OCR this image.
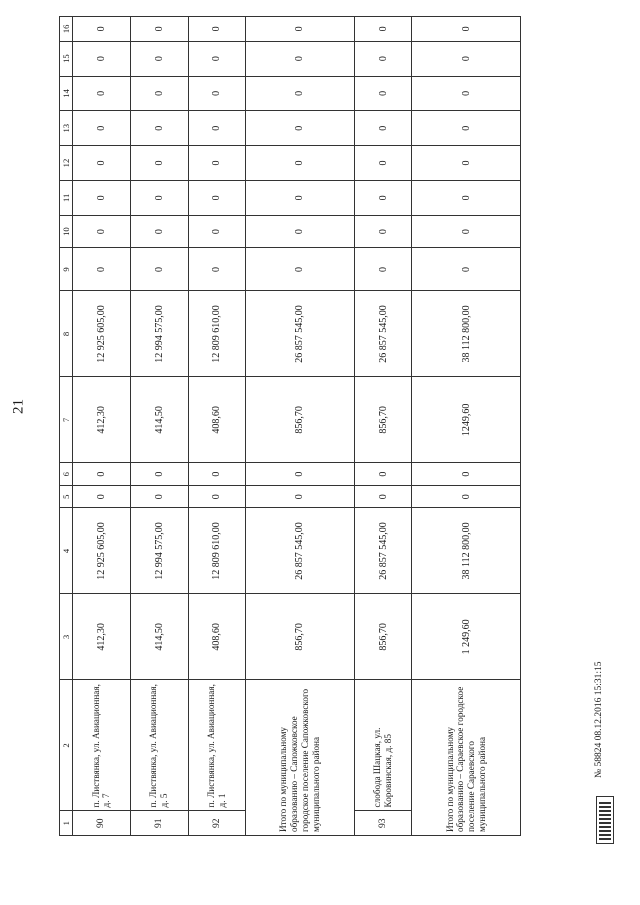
21
1	2	3	4	5	6	7	8	9	10	11	12	13	14	15	16
90	п. Листвянка, ул. Авиационная, д. 7	412,30	12 925 605,00	0	0	412,30	12 925 605,00	0	0	0	0	0	0	0	0
91	п. Листвянка, ул. Авиационная, д. 5	414,50	12 994 575,00	0	0	414,50	12 994 575,00	0	0	0	0	0	0	0	0
92	п. Листвянка, ул. Авиационная, д. 1	408,60	12 809 610,00	0	0	408,60	12 809 610,00	0	0	0	0	0	0	0	0
Итого по муниципальному образованию – Сапожковское городское поселение Сапожковского муниципального района		856,70	26 857 545,00	0	0	856,70	26 857 545,00	0	0	0	0	0	0	0	0
93	слобода Шацкая, ул. Коровинская, д. 85	856,70	26 857 545,00	0	0	856,70	26 857 545,00	0	0	0	0	0	0	0	0
Итого по муниципальному образованию – Сараевское городское поселение Сараевского муниципального района		1 249,60	38 112 800,00	0	0	1249,60	38 112 800,00	0	0	0	0	0	0	0	0
№ 58824 08.12.2016 15:31:15
